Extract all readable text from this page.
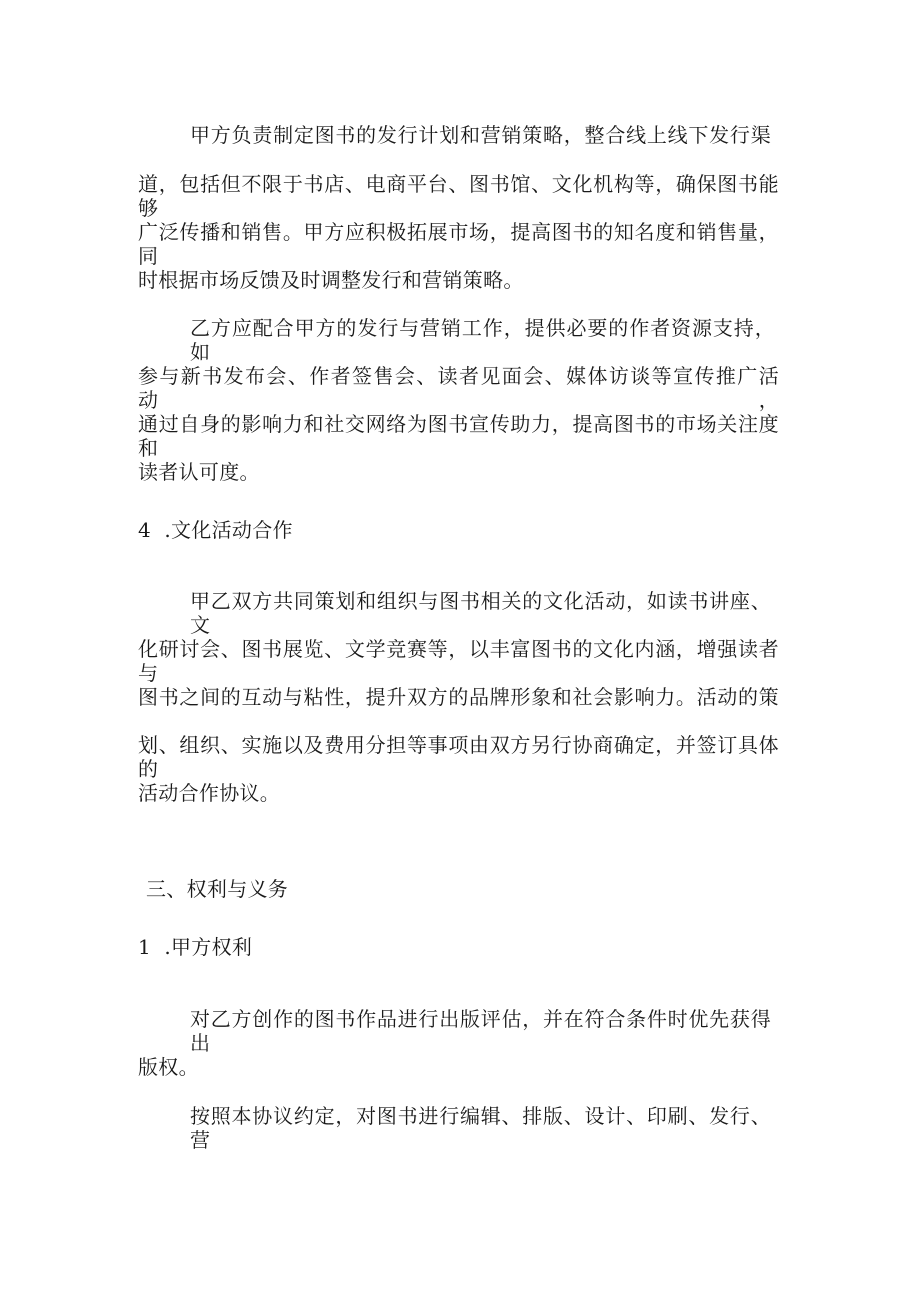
甲方负责制定图书的发行计划和营销策略，整合线上线下发行渠
道，包括但不限于书店、电商平台、图书馆、文化机构等，确保图书能够
广泛传播和销售。甲方应积极拓展市场，提高图书的知名度和销售量，同
时根据市场反馈及时调整发行和营销策略。
乙方应配合甲方的发行与营销工作，提供必要的作者资源支持，如
参与新书发布会、作者签售会、读者见面会、媒体访谈等宣传推广活动，
通过自身的影响力和社交网络为图书宣传助力，提高图书的市场关注度和
读者认可度。
4  .文化活动合作
甲乙双方共同策划和组织与图书相关的文化活动，如读书讲座、文
化研讨会、图书展览、文学竞赛等，以丰富图书的文化内涵，增强读者与
图书之间的互动与粘性，提升双方的品牌形象和社会影响力。活动的策
划、组织、实施以及费用分担等事项由双方另行协商确定，并签订具体的
活动合作协议。
三、权利与义务
1  .甲方权利
对乙方创作的图书作品进行出版评估，并在符合条件时优先获得出
版权。
按照本协议约定，对图书进行编辑、排版、设计、印刷、发行、营
